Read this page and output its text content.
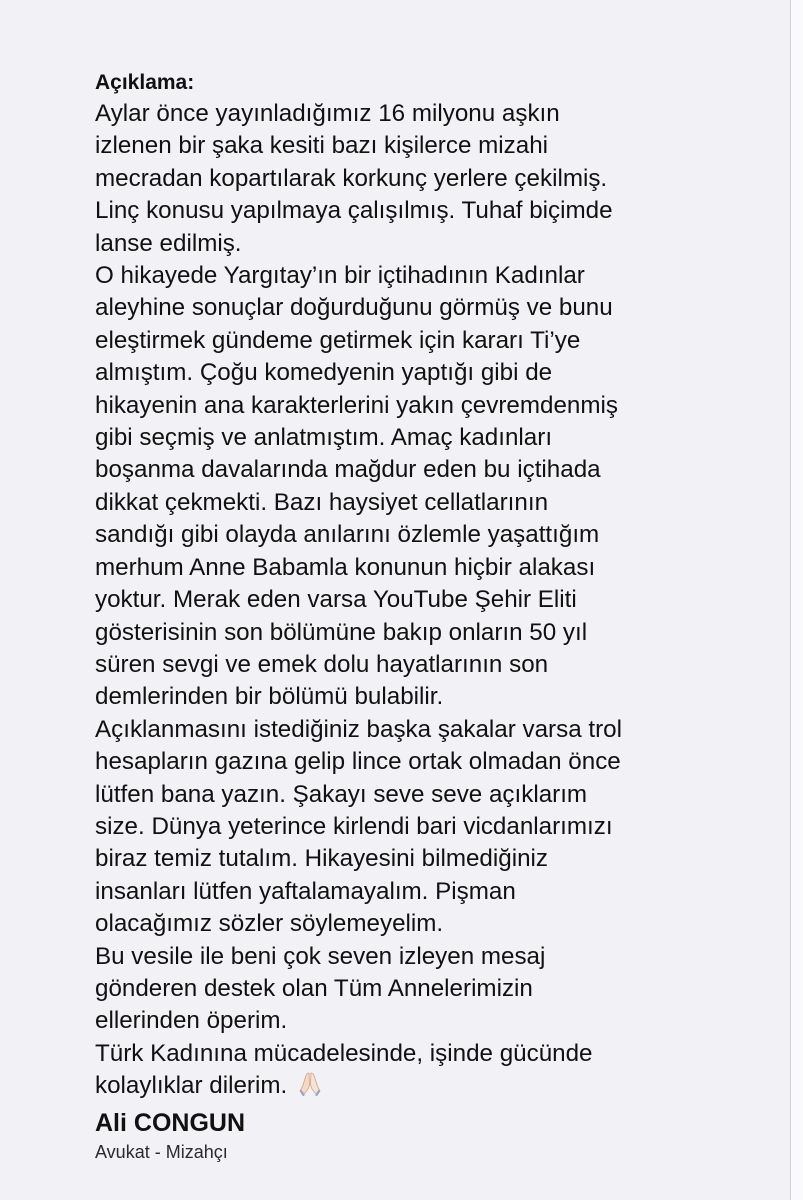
Açıklama:
Aylar önce yayınladığımız 16 milyonu aşkın
izlenen bir şaka kesiti bazı kişilerce mizahi
mecradan kopartılarak korkunç yerlere çekilmiş.
Linç konusu yapılmaya çalışılmış. Tuhaf biçimde
lanse edilmiş.
O hikayede Yargıtay’ın bir içtihadının Kadınlar
aleyhine sonuçlar doğurduğunu görmüş ve bunu
eleştirmek gündeme getirmek için kararı Ti’ye
almıştım. Çoğu komedyenin yaptığı gibi de
hikayenin ana karakterlerini yakın çevremdenmiş
gibi seçmiş ve anlatmıştım. Amaç kadınları
boşanma davalarında mağdur eden bu içtihada
dikkat çekmekti. Bazı haysiyet cellatlarının
sandığı gibi olayda anılarını özlemle yaşattığım
merhum Anne Babamla konunun hiçbir alakası
yoktur. Merak eden varsa YouTube Şehir Eliti
gösterisinin son bölümüne bakıp onların 50 yıl
süren sevgi ve emek dolu hayatlarının son
demlerinden bir bölümü bulabilir.
Açıklanmasını istediğiniz başka şakalar varsa trol
hesapların gazına gelip lince ortak olmadan önce
lütfen bana yazın. Şakayı seve seve açıklarım
size. Dünya yeterince kirlendi bari vicdanlarımızı
biraz temiz tutalım. Hikayesini bilmediğiniz
insanları lütfen yaftalamayalım. Pişman
olacağımız sözler söylemeyelim.
Bu vesile ile beni çok seven izleyen mesaj
gönderen destek olan Tüm Annelerimizin
ellerinden öperim.
Türk Kadınına mücadelesinde, işinde gücünde
kolaylıklar dilerim.
Ali CONGUN
Avukat - Mizahçı
